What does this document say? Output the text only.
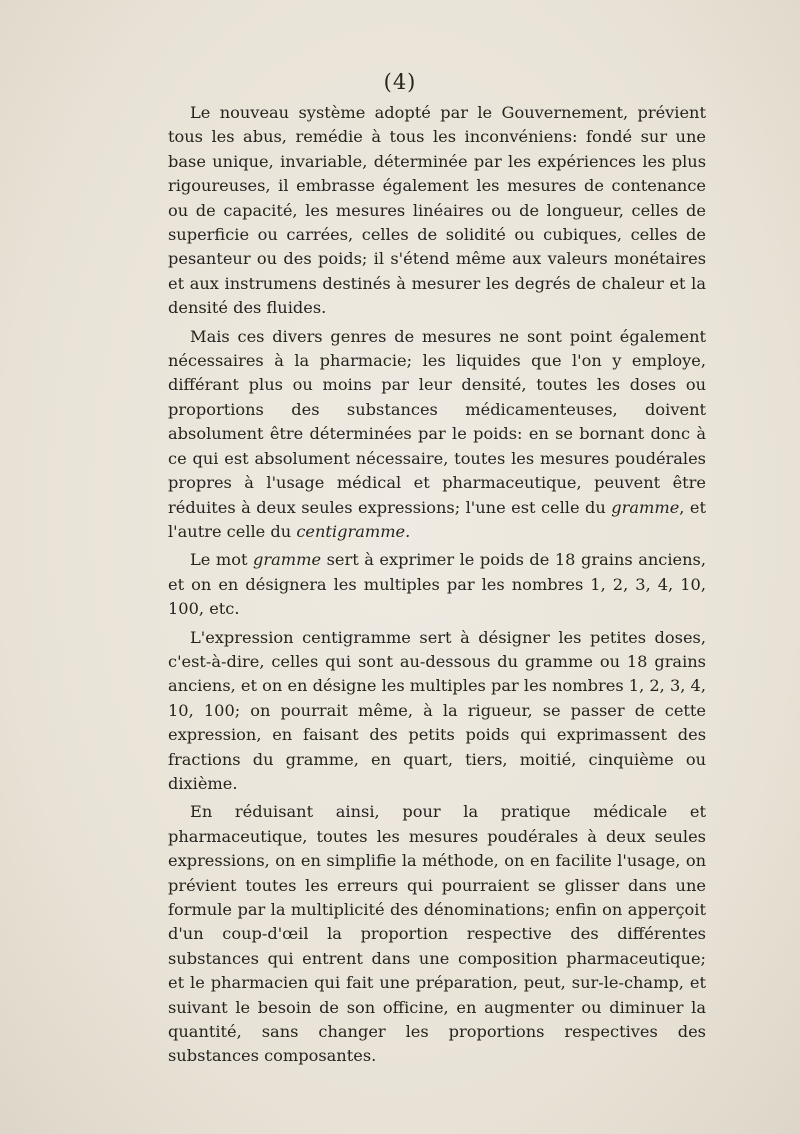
(4)

Le nouveau système adopté par le Gouvernement, prévient tous les abus, remédie à tous les inconvéniens: fondé sur une base unique, invariable, déterminée par les expériences les plus rigoureuses, il embrasse également les mesures de contenance ou de capacité, les mesures linéaires ou de longueur, celles de superficie ou carrées, celles de solidité ou cubiques, celles de pesanteur ou des poids; il s'étend même aux valeurs monétaires et aux instrumens destinés à mesurer les degrés de chaleur et la densité des fluides.

Mais ces divers genres de mesures ne sont point également nécessaires à la pharmacie; les liquides que l'on y employe, différant plus ou moins par leur densité, toutes les doses ou proportions des substances médicamenteuses, doivent absolument être déterminées par le poids: en se bornant donc à ce qui est absolument nécessaire, toutes les mesures poudérales propres à l'usage médical et pharmaceutique, peuvent être réduites à deux seules expressions; l'une est celle du gramme, et l'autre celle du centigramme.

Le mot gramme sert à exprimer le poids de 18 grains anciens, et on en désignera les multiples par les nombres 1, 2, 3, 4, 10, 100, etc.

L'expression centigramme sert à désigner les petites doses, c'est-à-dire, celles qui sont au-dessous du gramme ou 18 grains anciens, et on en désigne les multiples par les nombres 1, 2, 3, 4, 10, 100; on pourrait même, à la rigueur, se passer de cette expression, en faisant des petits poids qui exprimassent des fractions du gramme, en quart, tiers, moitié, cinquième ou dixième.

En réduisant ainsi, pour la pratique médicale et pharmaceutique, toutes les mesures poudérales à deux seules expressions, on en simplifie la méthode, on en facilite l'usage, on prévient toutes les erreurs qui pourraient se glisser dans une formule par la multiplicité des dénominations; enfin on apperçoit d'un coup-d'œil la proportion respective des différentes substances qui entrent dans une composition pharmaceutique; et le pharmacien qui fait une préparation, peut, sur-le-champ, et suivant le besoin de son officine, en augmenter ou diminuer la quantité, sans changer les proportions respectives des substances composantes.
